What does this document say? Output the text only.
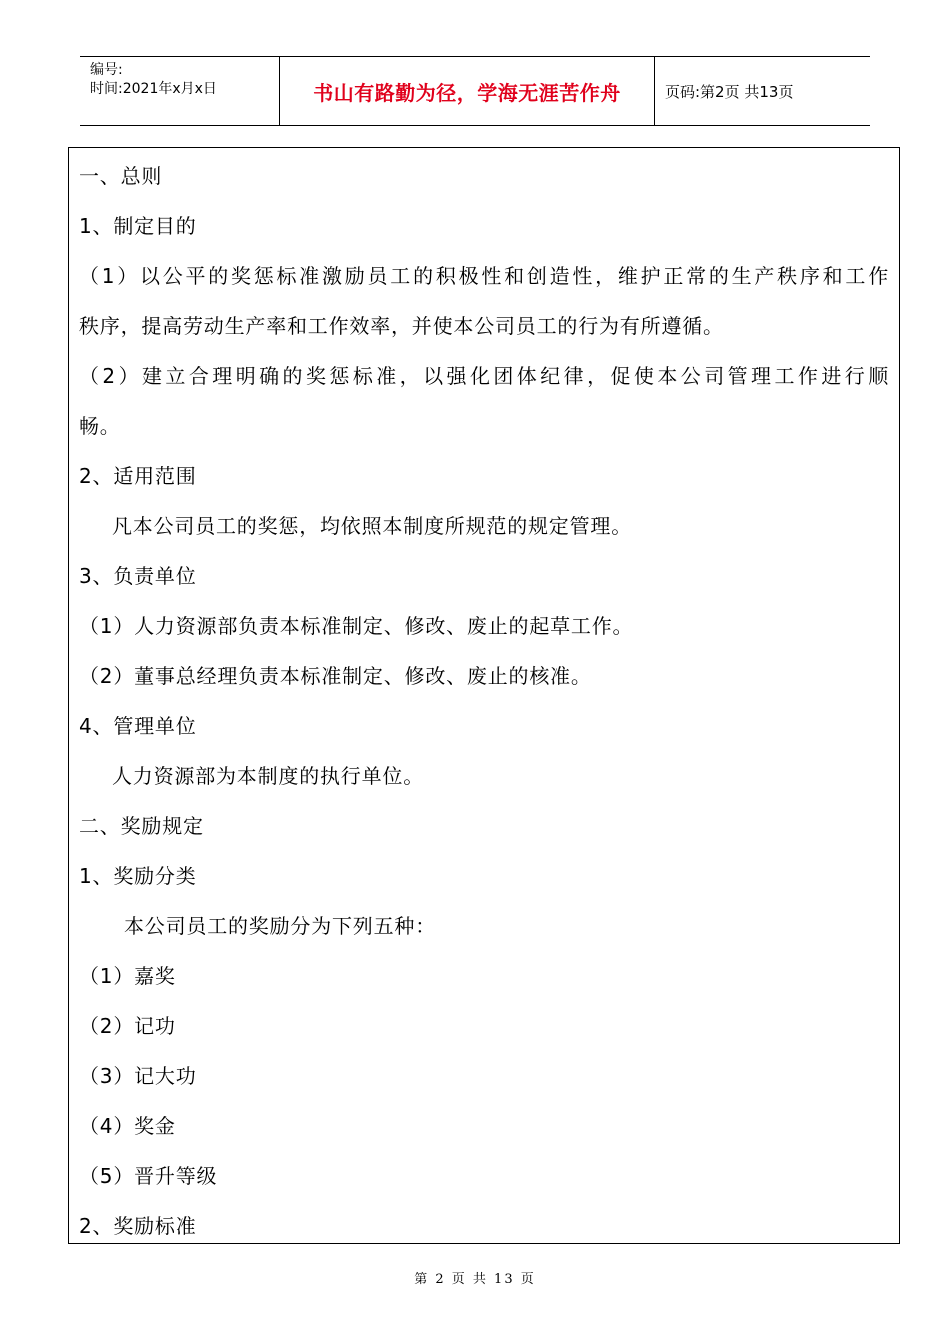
编号:
时间:2021年x月x日	书山有路勤为径，学海无涯苦作舟	页码:第2页 共13页
一、总则
1、制定目的
（1）以公平的奖惩标准激励员工的积极性和创造性，维护正常的生产秩序和工作
秩序，提高劳动生产率和工作效率，并使本公司员工的行为有所遵循。
（2）建立合理明确的奖惩标准，以强化团体纪律，促使本公司管理工作进行顺
畅。
2、适用范围
凡本公司员工的奖惩，均依照本制度所规范的规定管理。
3、负责单位
（1）人力资源部负责本标准制定、修改、废止的起草工作。
（2）董事总经理负责本标准制定、修改、废止的核准。
4、管理单位
人力资源部为本制度的执行单位。
二、奖励规定
1、奖励分类
本公司员工的奖励分为下列五种：
（1）嘉奖
（2）记功
（3）记大功
（4）奖金
（5）晋升等级
2、奖励标准
第 2 页 共 13 页
